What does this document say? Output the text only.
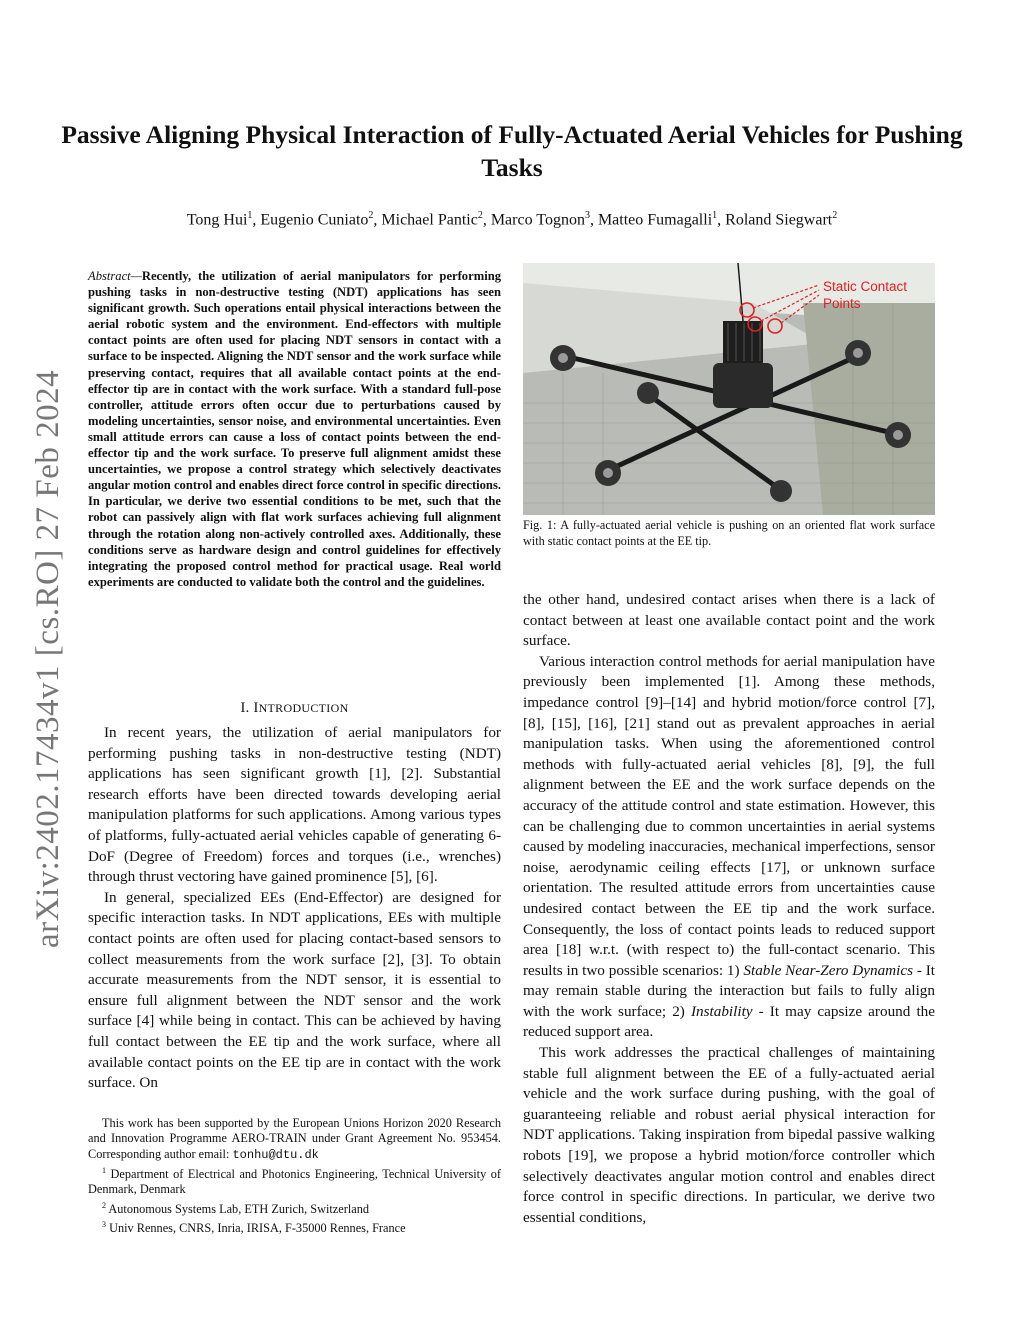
Passive Aligning Physical Interaction of Fully-Actuated Aerial Vehicles for Pushing Tasks
Tong Hui$^1$, Eugenio Cuniato$^2$, Michael Pantic$^2$, Marco Tognon$^3$, Matteo Fumagalli$^1$, Roland Siegwart$^2$
arXiv:2402.17434v1 [cs.RO] 27 Feb 2024
Abstract—Recently, the utilization of aerial manipulators for performing pushing tasks in non-destructive testing (NDT) applications has seen significant growth. Such operations entail physical interactions between the aerial robotic system and the environment. End-effectors with multiple contact points are often used for placing NDT sensors in contact with a surface to be inspected. Aligning the NDT sensor and the work surface while preserving contact, requires that all available contact points at the end-effector tip are in contact with the work surface. With a standard full-pose controller, attitude errors often occur due to perturbations caused by modeling uncertainties, sensor noise, and environmental uncertainties. Even small attitude errors can cause a loss of contact points between the end-effector tip and the work surface. To preserve full alignment amidst these uncertainties, we propose a control strategy which selectively deactivates angular motion control and enables direct force control in specific directions. In particular, we derive two essential conditions to be met, such that the robot can passively align with flat work surfaces achieving full alignment through the rotation along non-actively controlled axes. Additionally, these conditions serve as hardware design and control guidelines for effectively integrating the proposed control method for practical usage. Real world experiments are conducted to validate both the control and the guidelines.
I. INTRODUCTION

In recent years, the utilization of aerial manipulators for performing pushing tasks in non-destructive testing (NDT) applications has seen significant growth [1], [2]. Substantial research efforts have been directed towards developing aerial manipulation platforms for such applications. Among various types of platforms, fully-actuated aerial vehicles capable of generating 6-DoF (Degree of Freedom) forces and torques (i.e., wrenches) through thrust vectoring have gained prominence [5], [6].

In general, specialized EEs (End-Effector) are designed for specific interaction tasks. In NDT applications, EEs with multiple contact points are often used for placing contact-based sensors to collect measurements from the work surface [2], [3]. To obtain accurate measurements from the NDT sensor, it is essential to ensure full alignment between the NDT sensor and the work surface [4] while being in contact. This can be achieved by having full contact between the EE tip and the work surface, where all available contact points on the EE tip are in contact with the work surface. On

This work has been supported by the European Unions Horizon 2020 Research and Innovation Programme AERO-TRAIN under Grant Agreement No. 953454. Corresponding author email: tonhu@dtu.dk
$^1$ Department of Electrical and Photonics Engineering, Technical University of Denmark, Denmark
$^2$ Autonomous Systems Lab, ETH Zurich, Switzerland
$^3$ Univ Rennes, CNRS, Inria, IRISA, F-35000 Rennes, France
Static Contact
Points
Fig. 1: A fully-actuated aerial vehicle is pushing on an oriented flat work surface with static contact points at the EE tip.

the other hand, undesired contact arises when there is a lack of contact between at least one available contact point and the work surface.

Various interaction control methods for aerial manipulation have previously been implemented [1]. Among these methods, impedance control [9]–[14] and hybrid motion/force control [7], [8], [15], [16], [21] stand out as prevalent approaches in aerial manipulation tasks. When using the aforementioned control methods with fully-actuated aerial vehicles [8], [9], the full alignment between the EE and the work surface depends on the accuracy of the attitude control and state estimation. However, this can be challenging due to common uncertainties in aerial systems caused by modeling inaccuracies, mechanical imperfections, sensor noise, aerodynamic ceiling effects [17], or unknown surface orientation. The resulted attitude errors from uncertainties cause undesired contact between the EE tip and the work surface. Consequently, the loss of contact points leads to reduced support area [18] w.r.t. (with respect to) the full-contact scenario. This results in two possible scenarios: 1) Stable Near-Zero Dynamics - It may remain stable during the interaction but fails to fully align with the work surface; 2) Instability - It may capsize around the reduced support area.

This work addresses the practical challenges of maintaining stable full alignment between the EE of a fully-actuated aerial vehicle and the work surface during pushing, with the goal of guaranteeing reliable and robust aerial physical interaction for NDT applications. Taking inspiration from bipedal passive walking robots [19], we propose a hybrid motion/force controller which selectively deactivates angular motion control and enables direct force control in specific directions. In particular, we derive two essential conditions,
